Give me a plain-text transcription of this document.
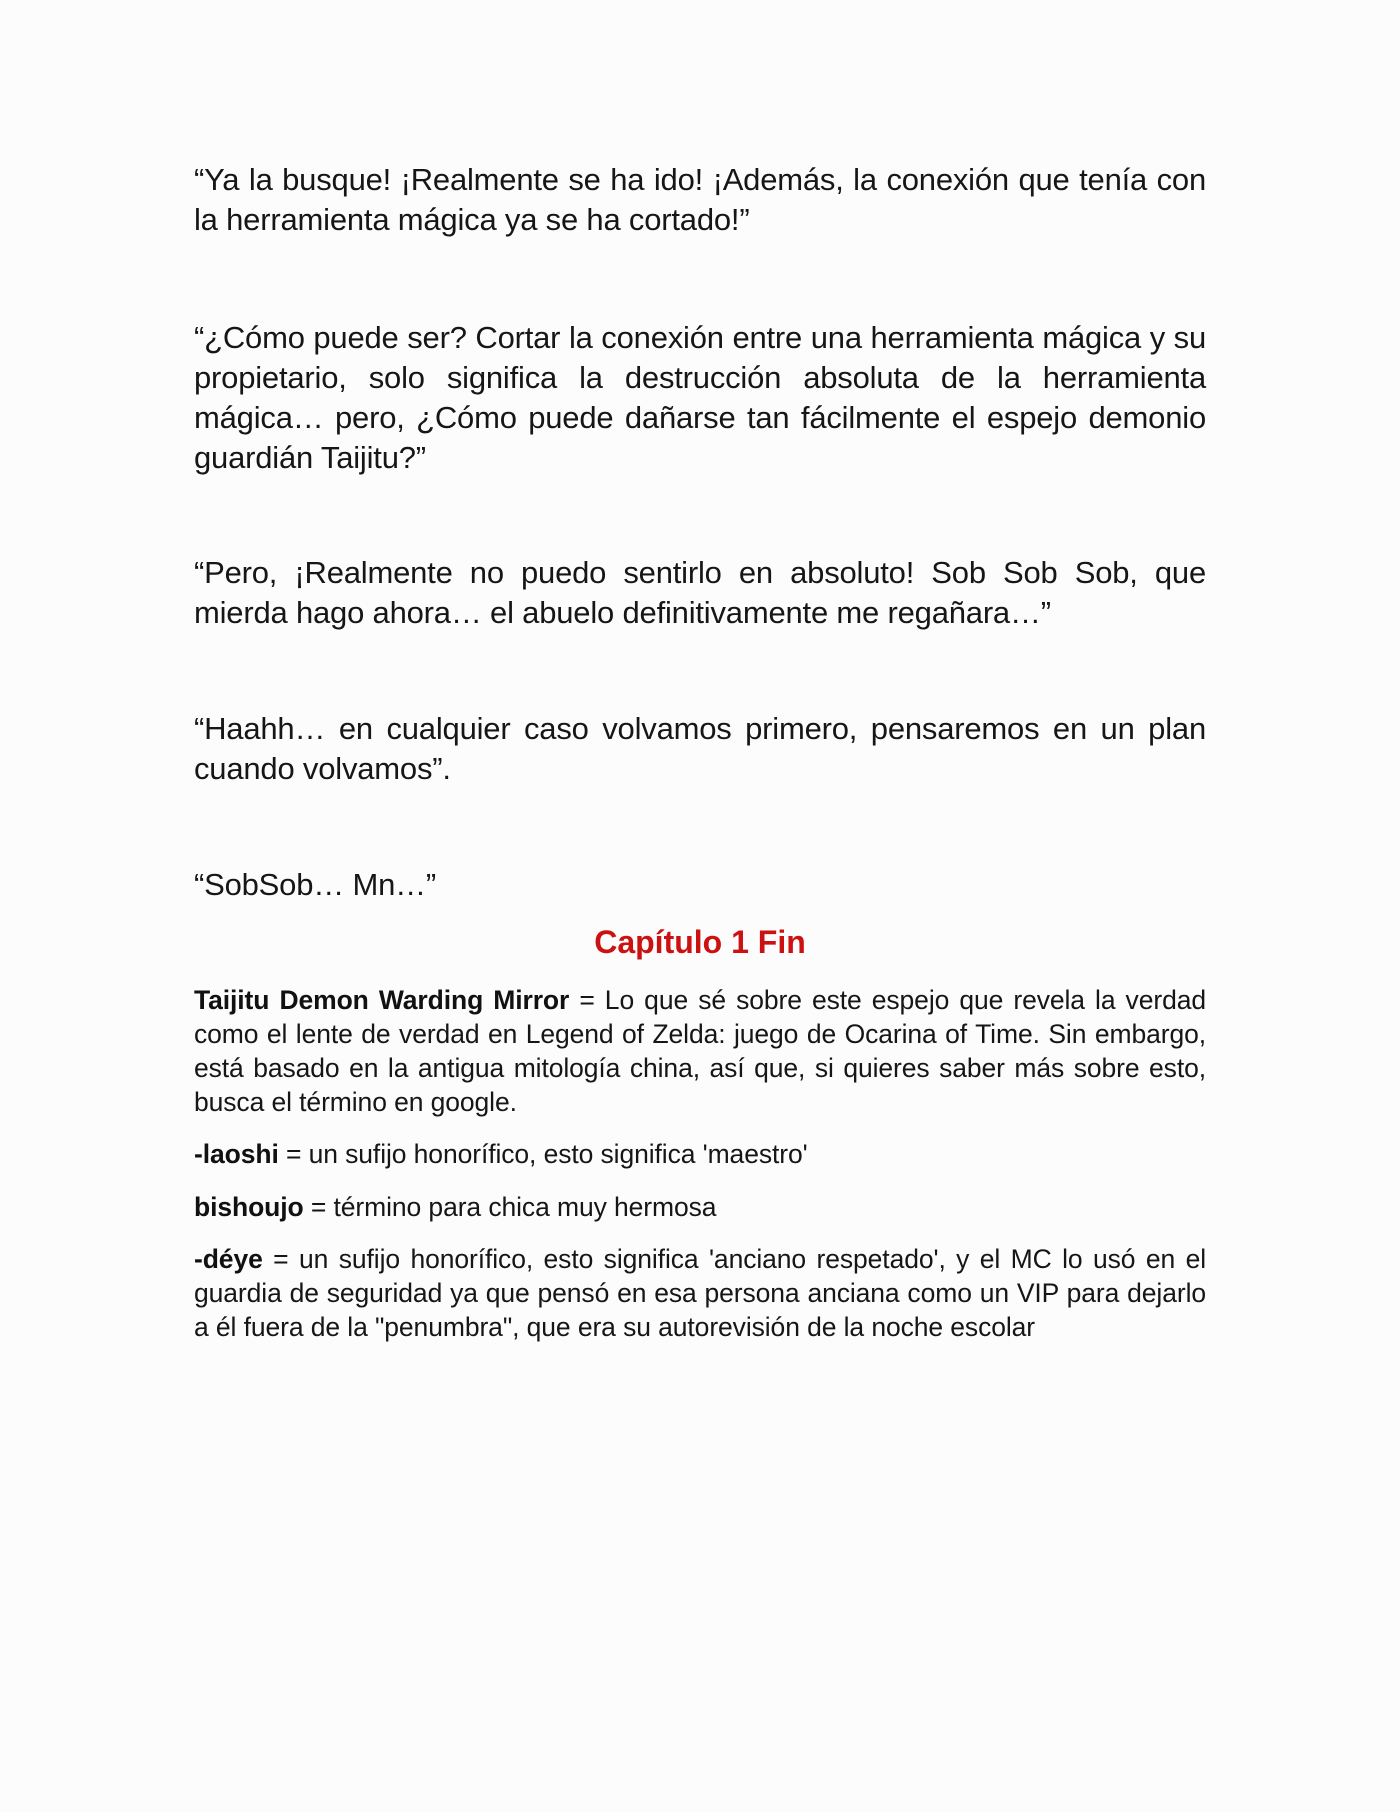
“Ya la busque! ¡Realmente se ha ido! ¡Además, la conexión que tenía con la herramienta mágica ya se ha cortado!”

“¿Cómo puede ser? Cortar la conexión entre una herramienta mágica y su propietario, solo significa la destrucción absoluta de la herramienta mágica… pero, ¿Cómo puede dañarse tan fácilmente el espejo demonio guardián Taijitu?”

“Pero, ¡Realmente no puedo sentirlo en absoluto! Sob Sob Sob, que mierda hago ahora… el abuelo definitivamente me regañara…”

“Haahh… en cualquier caso volvamos primero, pensaremos en un plan cuando volvamos”.

“SobSob… Mn…”

Capítulo 1 Fin

Taijitu Demon Warding Mirror = Lo que sé sobre este espejo que revela la verdad como el lente de verdad en Legend of Zelda: juego de Ocarina of Time. Sin embargo, está basado en la antigua mitología china, así que, si quieres saber más sobre esto, busca el término en google.

-laoshi = un sufijo honorífico, esto significa 'maestro'

bishoujo = término para chica muy hermosa

-déye = un sufijo honorífico, esto significa 'anciano respetado', y el MC lo usó en el guardia de seguridad ya que pensó en esa persona anciana como un VIP para dejarlo a él fuera de la "penumbra", que era su autorevisión de la noche escolar
